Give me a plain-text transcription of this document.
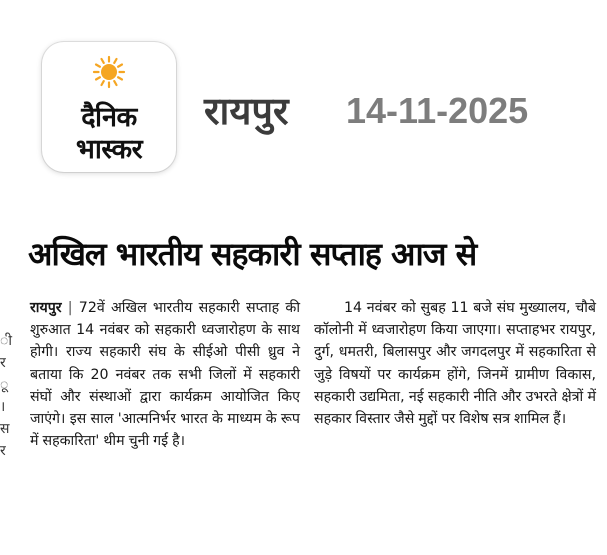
दैनिक
भास्कर
रायपुर 14-11-2025
ी
र
ू
।
स
र
अखिल भारतीय सहकारी सप्ताह आज से
रायपुर | 72वें अखिल भारतीय सहकारी सप्ताह की शुरुआत 14 नवंबर को सहकारी ध्वजारोहण के साथ होगी। राज्य सहकारी संघ के सीईओ पीसी ध्रुव ने बताया कि 20 नवंबर तक सभी जिलों में सहकारी संघों और संस्थाओं द्वारा कार्यक्रम आयोजित किए जाएंगे। इस साल 'आत्मनिर्भर भारत के माध्यम के रूप में सहकारिता' थीम चुनी गई है।
14 नवंबर को सुबह 11 बजे संघ मुख्यालय, चौबे कॉलोनी में ध्वजारोहण किया जाएगा। सप्ताहभर रायपुर, दुर्ग, धमतरी, बिलासपुर और जगदलपुर में सहकारिता से जुड़े विषयों पर कार्यक्रम होंगे, जिनमें ग्रामीण विकास, सहकारी उद्यमिता, नई सहकारी नीति और उभरते क्षेत्रों में सहकार विस्तार जैसे मुद्दों पर विशेष सत्र शामिल हैं।
